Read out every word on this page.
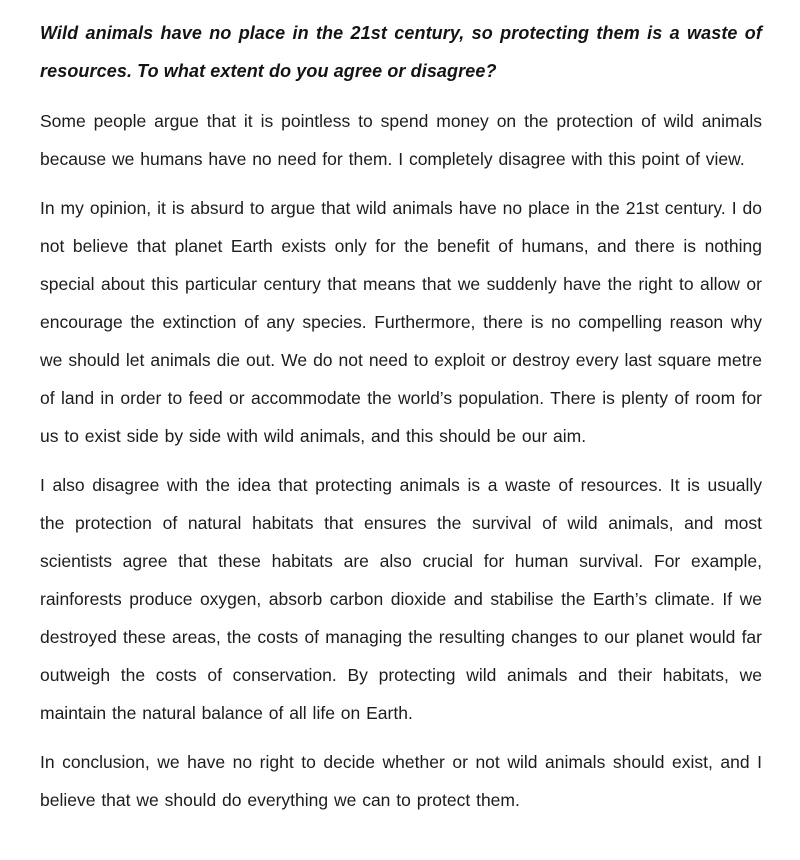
Wild animals have no place in the 21st century, so protecting them is a waste of resources. To what extent do you agree or disagree?

Some people argue that it is pointless to spend money on the protection of wild animals because we humans have no need for them. I completely disagree with this point of view.

In my opinion, it is absurd to argue that wild animals have no place in the 21st century. I do not believe that planet Earth exists only for the benefit of humans, and there is nothing special about this particular century that means that we suddenly have the right to allow or encourage the extinction of any species. Furthermore, there is no compelling reason why we should let animals die out. We do not need to exploit or destroy every last square metre of land in order to feed or accommodate the world’s population. There is plenty of room for us to exist side by side with wild animals, and this should be our aim.

I also disagree with the idea that protecting animals is a waste of resources. It is usually the protection of natural habitats that ensures the survival of wild animals, and most scientists agree that these habitats are also crucial for human survival. For example, rainforests produce oxygen, absorb carbon dioxide and stabilise the Earth’s climate. If we destroyed these areas, the costs of managing the resulting changes to our planet would far outweigh the costs of conservation. By protecting wild animals and their habitats, we maintain the natural balance of all life on Earth.

In conclusion, we have no right to decide whether or not wild animals should exist, and I believe that we should do everything we can to protect them.
